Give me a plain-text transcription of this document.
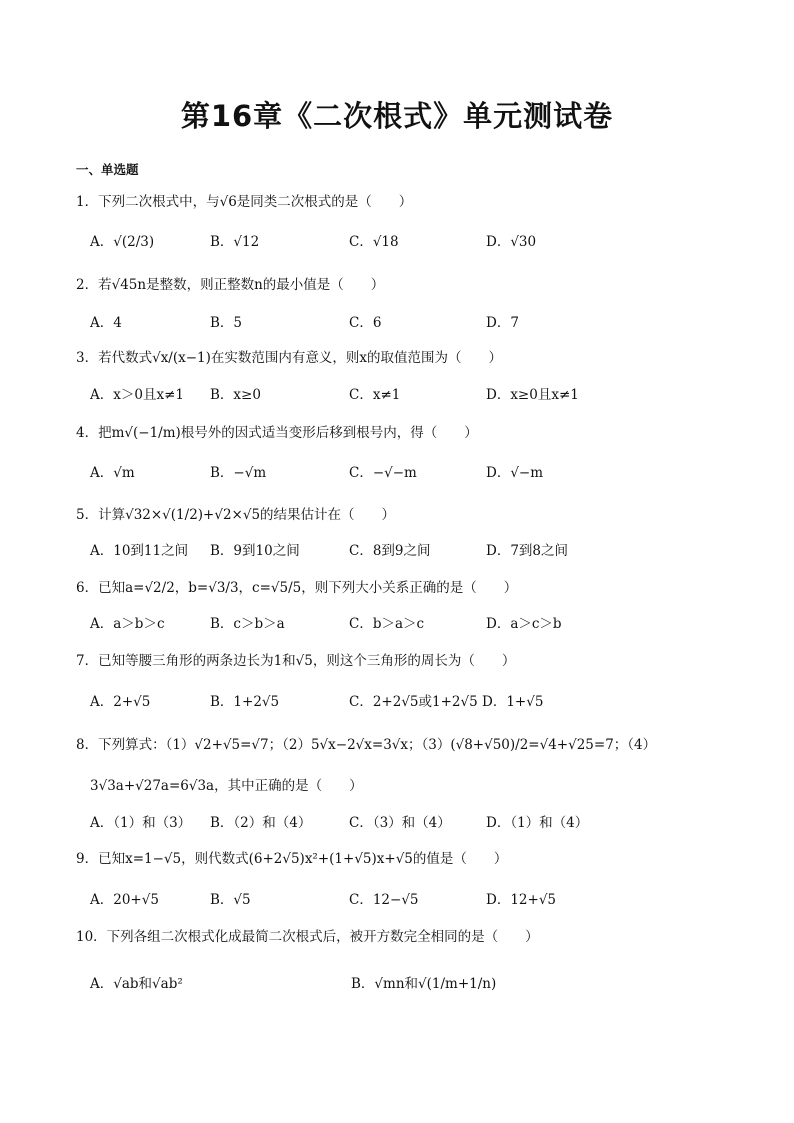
第16章《二次根式》单元测试卷
一、单选题
1．下列二次根式中，与√6是同类二次根式的是（　　）
A．√(2/3)	B．√12	C．√18	D．√30
2．若√45n是整数，则正整数n的最小值是（　　）
A．4	B．5	C．6	D．7
3．若代数式√x/(x−1)在实数范围内有意义，则x的取值范围为（　　）
A．x＞0且x≠1 B．x≥0	C．x≠1	D．x≥0且x≠1
4．把m√(−1/m)根号外的因式适当变形后移到根号内，得（　　）
A．√m	B．−√m	C．−√−m	D．√−m
5．计算√32×√(1/2)+√2×√5的结果估计在（　　）
A．10到11之间 B．9到10之间	C．8到9之间	D．7到8之间
6．已知a=√2/2，b=√3/3，c=√5/5，则下列大小关系正确的是（　　）
A．a＞b＞c	B．c＞b＞a	C．b＞a＞c	D．a＞c＞b
7．已知等腰三角形的两条边长为1和√5，则这个三角形的周长为（　　）
A．2+√5	B．1+2√5	C．2+2√5或1+2√5 D．1+√5
8．下列算式：（1）√2+√5=√7；（2）5√x−2√x=3√x；（3）(√8+√50)/2=√4+√25=7；（4）
3√3a+√27a=6√3a，其中正确的是（　　）
A．（1）和（3） B．（2）和（4）	C．（3）和（4）	D．（1）和（4）
9．已知x=1−√5，则代数式(6+2√5)x²+(1+√5)x+√5的值是（　　）
A．20+√5	B．√5	C．12−√5	D．12+√5
10．下列各组二次根式化成最简二次根式后，被开方数完全相同的是（　　）
A．√ab和√ab²	B．√mn和√(1/m+1/n)
